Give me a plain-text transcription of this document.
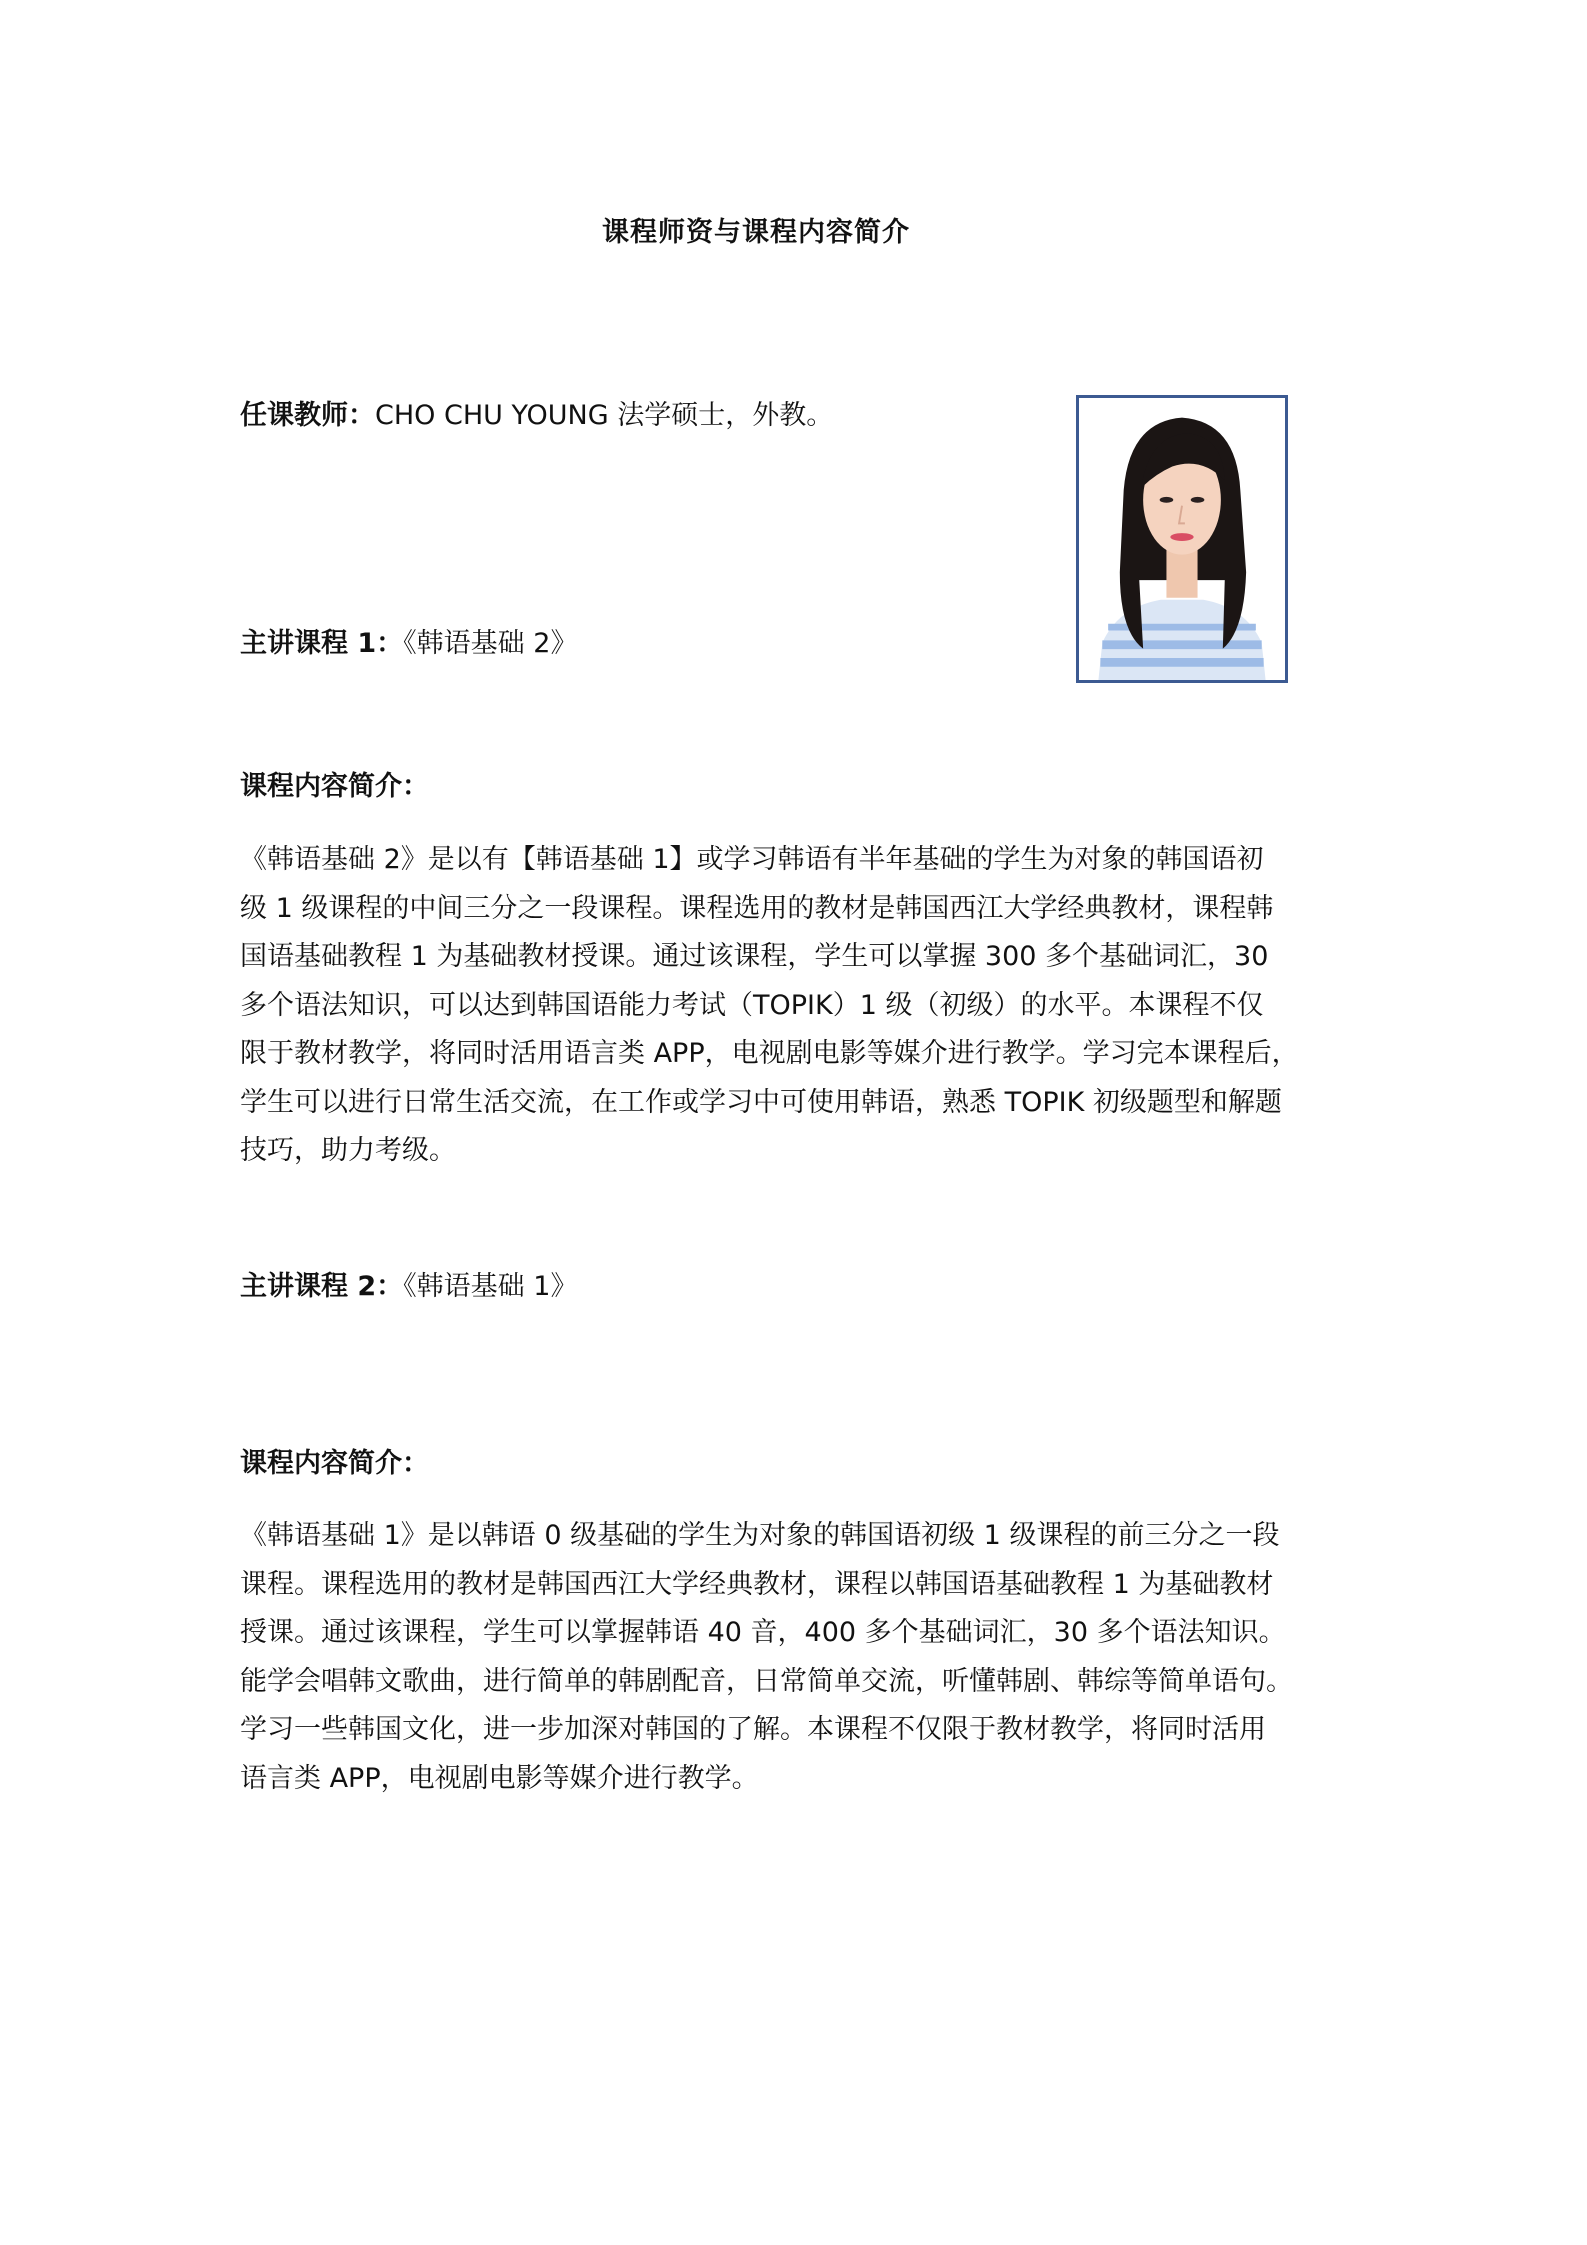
课程师资与课程内容简介
任课教师：CHO CHU YOUNG 法学硕士，外教。
主讲课程 1：《韩语基础 2》
课程内容简介：
《韩语基础 2》是以有【韩语基础 1】或学习韩语有半年基础的学生为对象的韩国语初
级 1 级课程的中间三分之一段课程。课程选用的教材是韩国西江大学经典教材，课程韩
国语基础教程 1 为基础教材授课。通过该课程，学生可以掌握 300 多个基础词汇，30
多个语法知识，可以达到韩国语能力考试（TOPIK）1 级（初级）的水平。本课程不仅
限于教材教学，将同时活用语言类 APP，电视剧电影等媒介进行教学。学习完本课程后，
学生可以进行日常生活交流，在工作或学习中可使用韩语，熟悉 TOPIK 初级题型和解题
技巧，助力考级。
主讲课程 2：《韩语基础 1》
课程内容简介：
《韩语基础 1》是以韩语 0 级基础的学生为对象的韩国语初级 1 级课程的前三分之一段
课程。课程选用的教材是韩国西江大学经典教材，课程以韩国语基础教程 1 为基础教材
授课。通过该课程，学生可以掌握韩语 40 音，400 多个基础词汇，30 多个语法知识。
能学会唱韩文歌曲，进行简单的韩剧配音，日常简单交流，听懂韩剧、韩综等简单语句。
学习一些韩国文化，进一步加深对韩国的了解。本课程不仅限于教材教学，将同时活用
语言类 APP，电视剧电影等媒介进行教学。
